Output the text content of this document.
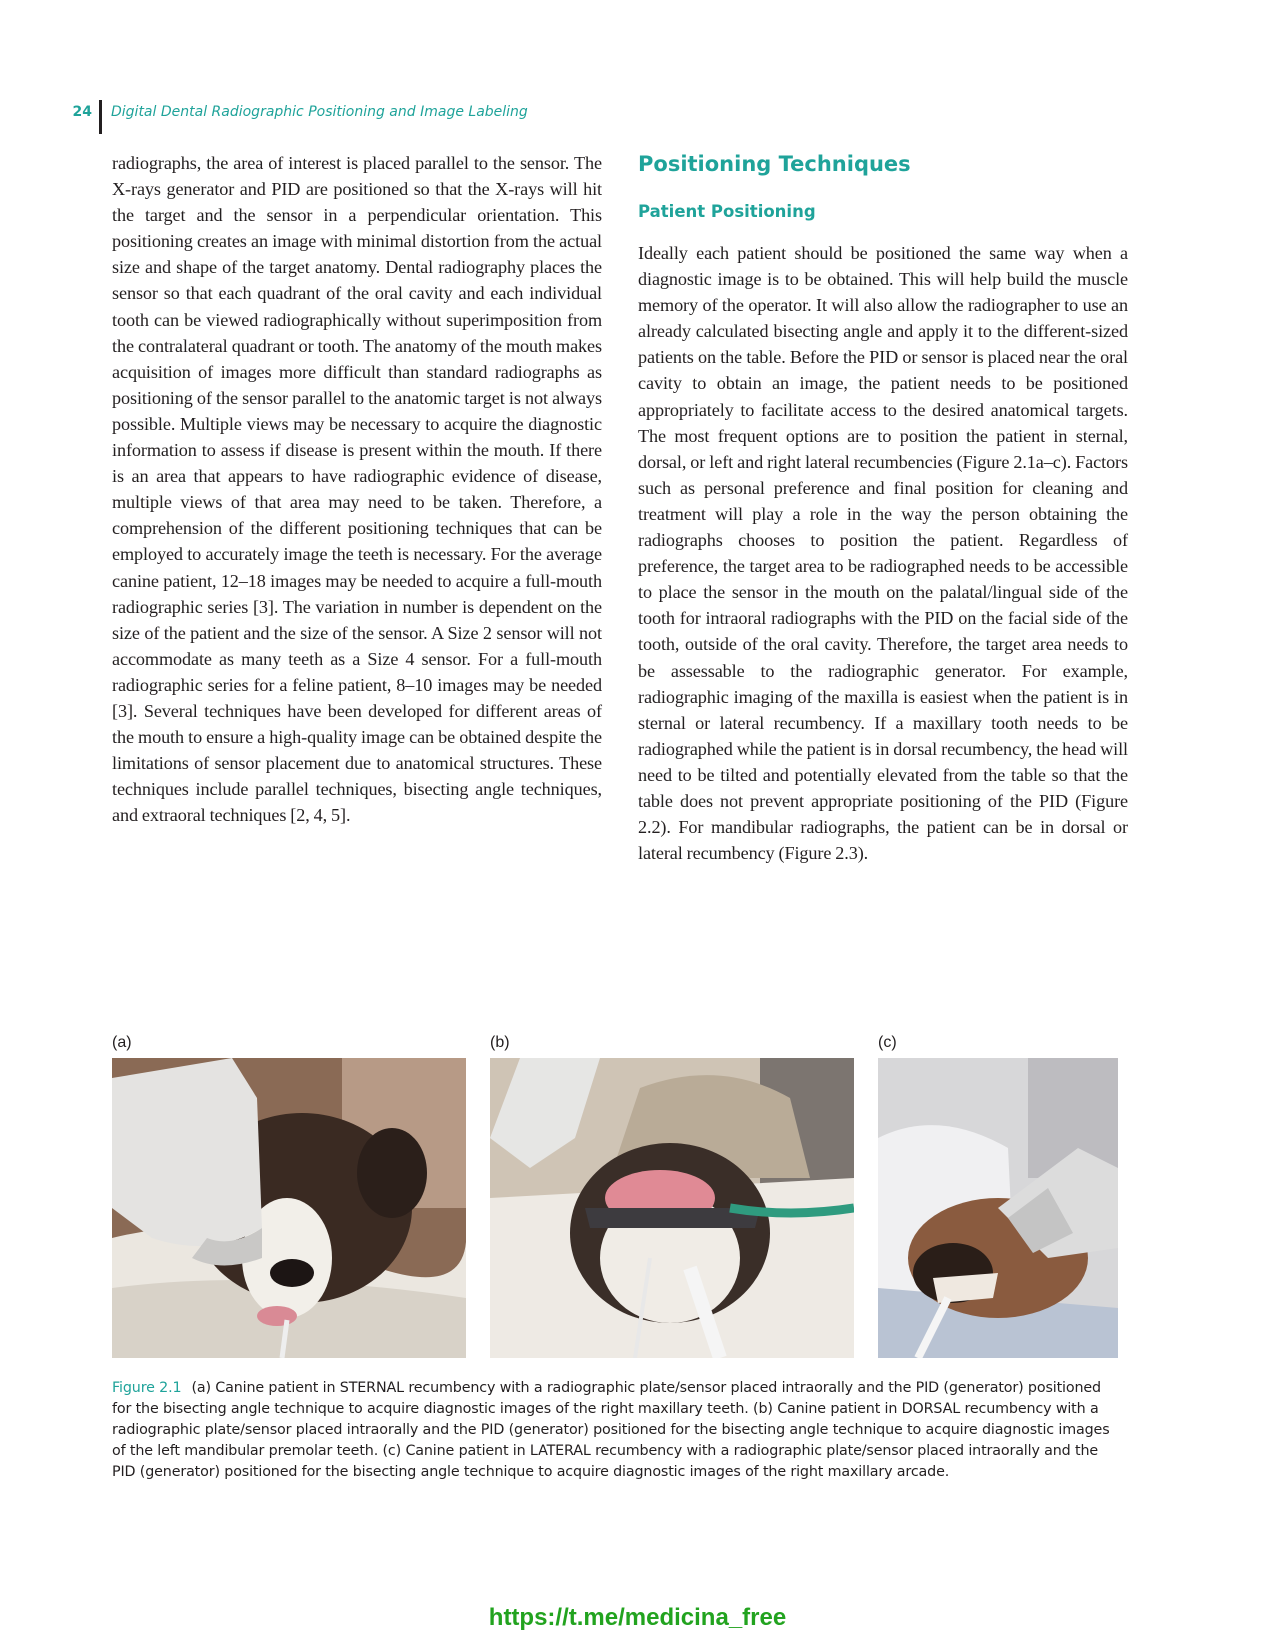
24 Digital Dental Radiographic Positioning and Image Labeling

radiographs, the area of interest is placed parallel to the sensor. The X-rays generator and PID are positioned so that the X-rays will hit the target and the sensor in a perpendicular orientation. This positioning creates an image with minimal distortion from the actual size and shape of the target anatomy. Dental radiography places the sensor so that each quadrant of the oral cavity and each individual tooth can be viewed radiographically without superimposition from the contralateral quadrant or tooth. The anatomy of the mouth makes acquisition of images more difficult than standard radiographs as positioning of the sensor parallel to the anatomic target is not always possible. Multiple views may be necessary to acquire the diagnostic information to assess if disease is present within the mouth. If there is an area that appears to have radiographic evidence of disease, multiple views of that area may need to be taken. Therefore, a comprehension of the different positioning techniques that can be employed to accurately image the teeth is necessary. For the average canine patient, 12–18 images may be needed to acquire a full-mouth radiographic series [3]. The variation in number is dependent on the size of the patient and the size of the sensor. A Size 2 sensor will not accommodate as many teeth as a Size 4 sensor. For a full-mouth radiographic series for a feline patient, 8–10 images may be needed [3]. Several techniques have been developed for different areas of the mouth to ensure a high-quality image can be obtained despite the limitations of sensor placement due to anatomical structures. These techniques include parallel techniques, bisecting angle techniques, and extraoral techniques [2, 4, 5].

Positioning Techniques
Patient Positioning

Ideally each patient should be positioned the same way when a diagnostic image is to be obtained. This will help build the muscle memory of the operator. It will also allow the radiographer to use an already calculated bisecting angle and apply it to the different-sized patients on the table. Before the PID or sensor is placed near the oral cavity to obtain an image, the patient needs to be positioned appropriately to facilitate access to the desired anatomical targets. The most frequent options are to position the patient in sternal, dorsal, or left and right lateral recumbencies (Figure 2.1a–c). Factors such as personal preference and final position for cleaning and treatment will play a role in the way the person obtaining the radiographs chooses to position the patient. Regardless of preference, the target area to be radiographed needs to be accessible to place the sensor in the mouth on the palatal/lingual side of the tooth for intraoral radiographs with the PID on the facial side of the tooth, outside of the oral cavity. Therefore, the target area needs to be assessable to the radiographic generator. For example, radiographic imaging of the maxilla is easiest when the patient is in sternal or lateral recumbency. If a maxillary tooth needs to be radiographed while the patient is in dorsal recumbency, the head will need to be tilted and potentially elevated from the table so that the table does not prevent appropriate positioning of the PID (Figure 2.2). For mandibular radiographs, the patient can be in dorsal or lateral recumbency (Figure 2.3).

(a)	(b)	(c)
Figure 2.1 (a) Canine patient in STERNAL recumbency with a radiographic plate/sensor placed intraorally and the PID (generator) positioned for the bisecting angle technique to acquire diagnostic images of the right maxillary teeth. (b) Canine patient in DORSAL recumbency with a radiographic plate/sensor placed intraorally and the PID (generator) positioned for the bisecting angle technique to acquire diagnostic images of the left mandibular premolar teeth. (c) Canine patient in LATERAL recumbency with a radiographic plate/sensor placed intraorally and the PID (generator) positioned for the bisecting angle technique to acquire diagnostic images of the right maxillary arcade.
https://t.me/medicina_free
